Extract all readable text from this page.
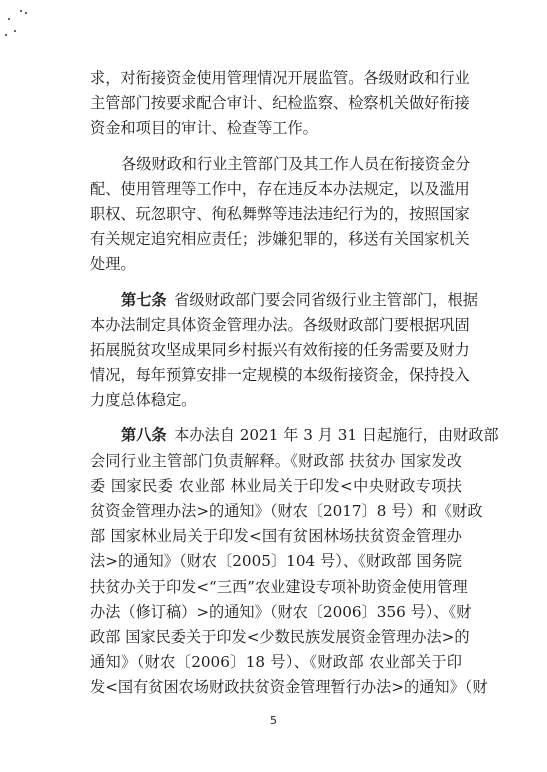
求，对衔接资金使用管理情况开展监管。各级财政和行业
主管部门按要求配合审计、纪检监察、检察机关做好衔接
资金和项目的审计、检查等工作。
各级财政和行业主管部门及其工作人员在衔接资金分
配、使用管理等工作中，存在违反本办法规定，以及滥用
职权、玩忽职守、徇私舞弊等违法违纪行为的，按照国家
有关规定追究相应责任；涉嫌犯罪的，移送有关国家机关
处理。
第七条  省级财政部门要会同省级行业主管部门，根据
本办法制定具体资金管理办法。各级财政部门要根据巩固
拓展脱贫攻坚成果同乡村振兴有效衔接的任务需要及财力
情况，每年预算安排一定规模的本级衔接资金，保持投入
力度总体稳定。
第八条  本办法自 2021 年 3 月 31 日起施行，由财政部
会同行业主管部门负责解释。《财政部 扶贫办 国家发改
委 国家民委 农业部 林业局关于印发<中央财政专项扶
贫资金管理办法>的通知》（财农〔2017〕8 号）和《财政
部 国家林业局关于印发<国有贫困林场扶贫资金管理办
法>的通知》（财农〔2005〕104 号）、《财政部 国务院
扶贫办关于印发<“三西”农业建设专项补助资金使用管理
办法（修订稿）>的通知》（财农〔2006〕356 号）、《财
政部 国家民委关于印发<少数民族发展资金管理办法>的
通知》（财农〔2006〕18 号）、《财政部 农业部关于印
发<国有贫困农场财政扶贫资金管理暂行办法>的通知》（财
5
